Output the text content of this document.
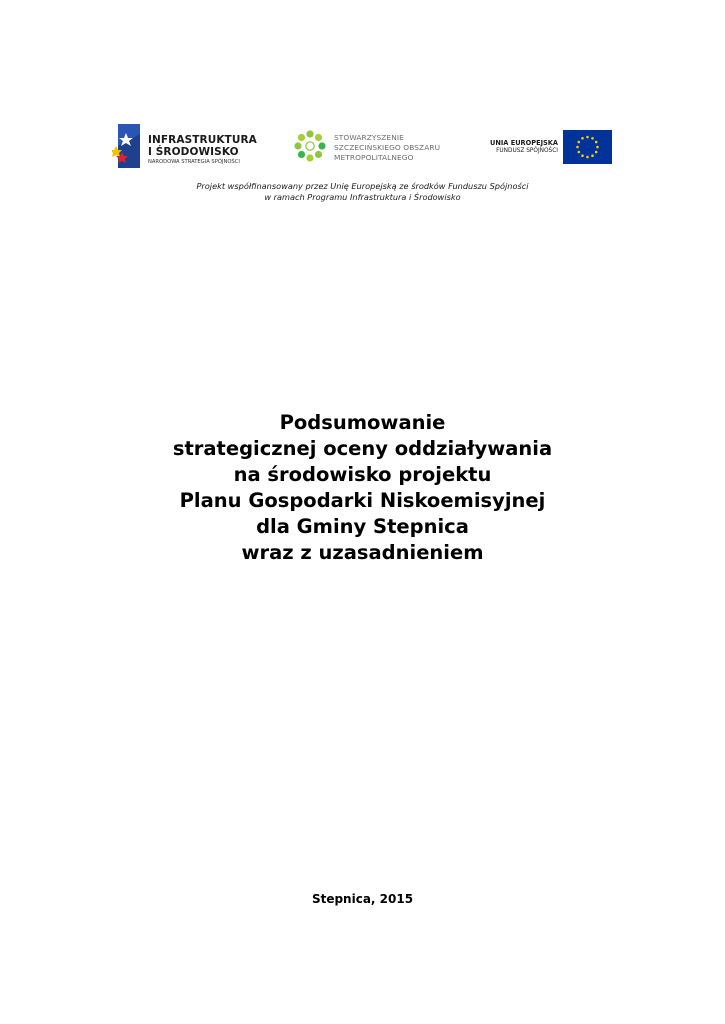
INFRASTRUKTURA
I ŚRODOWISKO
NARODOWA STRATEGIA SPÓJNOŚCI
STOWARZYSZENIE
SZCZECIŃSKIEGO OBSZARU
METROPOLITALNEGO
UNIA EUROPEJSKA
FUNDUSZ SPÓJNOŚCI
Projekt współfinansowany przez Unię Europejską ze środków Funduszu Spójności
w ramach Programu Infrastruktura i Środowisko
Podsumowanie
strategicznej oceny oddziaływania
na środowisko projektu
Planu Gospodarki Niskoemisyjnej
dla Gminy Stepnica
wraz z uzasadnieniem
Stepnica, 2015
